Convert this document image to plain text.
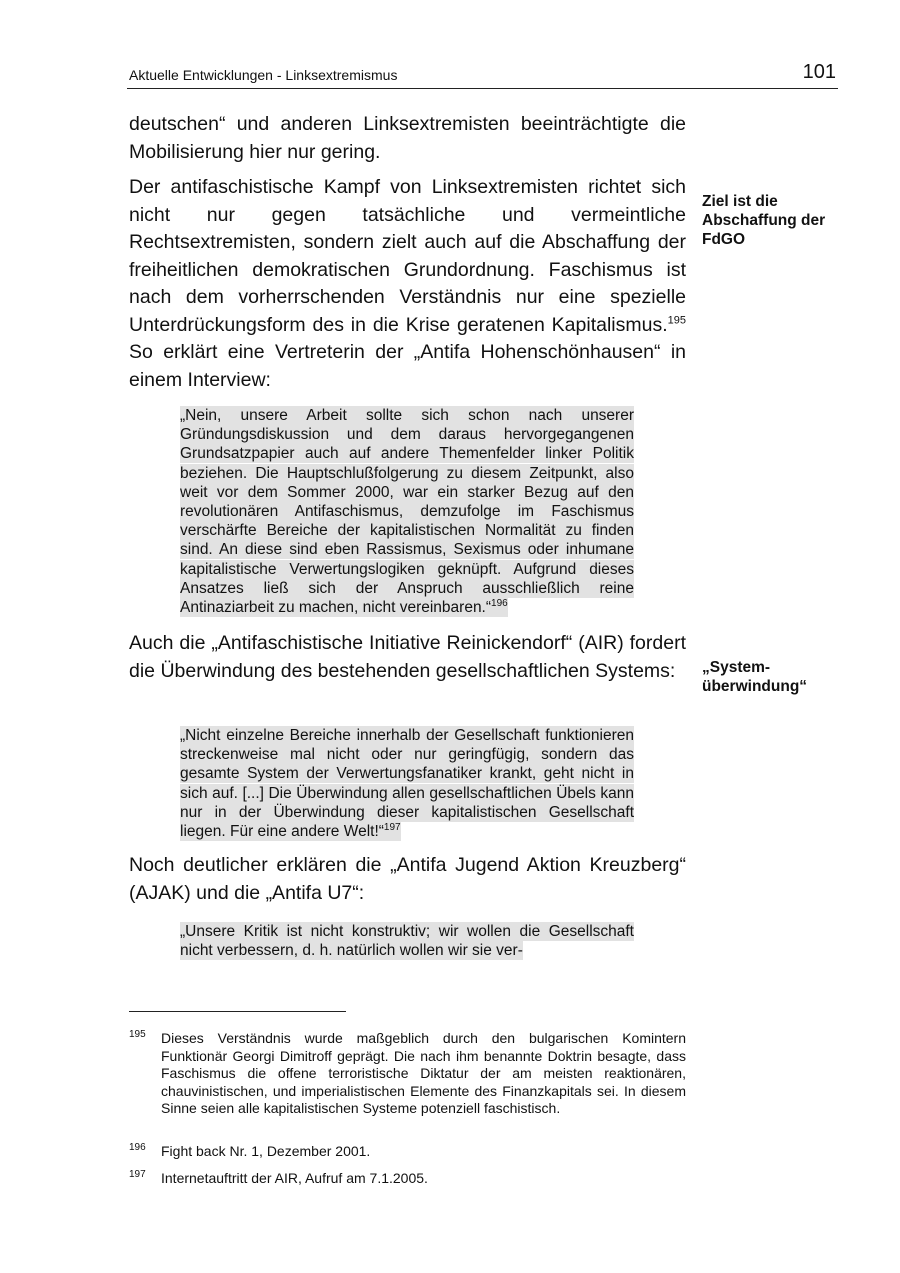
Aktuelle Entwicklungen - Linksextremismus	101

deutschen“ und anderen Linksextremisten beeinträchtigte die Mobilisierung hier nur gering.

Der antifaschistische Kampf von Linksextremisten richtet sich nicht nur gegen tatsächliche und vermeintliche Rechtsextremisten, sondern zielt auch auf die Abschaffung der freiheitlichen demokratischen Grundordnung. Faschismus ist nach dem vorherrschenden Verständnis nur eine spezielle Unterdrückungsform des in die Krise geratenen Kapitalismus.$^{195}$ So erklärt eine Vertreterin der „Antifa Hohenschönhausen“ in einem Interview:

„Nein, unsere Arbeit sollte sich schon nach unserer Gründungsdiskussion und dem daraus hervorgegangenen Grundsatzpapier auch auf andere Themenfelder linker Politik beziehen. Die Hauptschlußfolgerung zu diesem Zeitpunkt, also weit vor dem Sommer 2000, war ein starker Bezug auf den revolutionären Antifaschismus, demzufolge im Faschismus verschärfte Bereiche der kapitalistischen Normalität zu finden sind. An diese sind eben Rassismus, Sexismus oder inhumane kapitalistische Verwertungslogiken geknüpft. Aufgrund dieses Ansatzes ließ sich der Anspruch ausschließlich reine Antinaziarbeit zu machen, nicht vereinbaren.“$^{196}$

Auch die „Antifaschistische Initiative Reinickendorf“ (AIR) fordert die Überwindung des bestehenden gesellschaftlichen Systems:

„Nicht einzelne Bereiche innerhalb der Gesellschaft funktionieren streckenweise mal nicht oder nur geringfügig, sondern das gesamte System der Verwertungsfanatiker krankt, geht nicht in sich auf. [...] Die Überwindung allen gesellschaftlichen Übels kann nur in der Überwindung dieser kapitalistischen Gesellschaft liegen. Für eine andere Welt!“$^{197}$

Noch deutlicher erklären die „Antifa Jugend Aktion Kreuzberg“ (AJAK) und die „Antifa U7“:

„Unsere Kritik ist nicht konstruktiv; wir wollen die Gesellschaft nicht verbessern, d. h. natürlich wollen wir sie ver-

Ziel ist die Abschaffung der FdGO
„System-überwindung“
195 Dieses Verständnis wurde maßgeblich durch den bulgarischen Komintern Funktionär Georgi Dimitroff geprägt. Die nach ihm benannte Doktrin besagte, dass Faschismus die offene terroristische Diktatur der am meisten reaktionären, chauvinistischen, und imperialistischen Elemente des Finanzkapitals sei. In diesem Sinne seien alle kapitalistischen Systeme potenziell faschistisch.
196 Fight back Nr. 1, Dezember 2001.
197 Internetauftritt der AIR, Aufruf am 7.1.2005.
